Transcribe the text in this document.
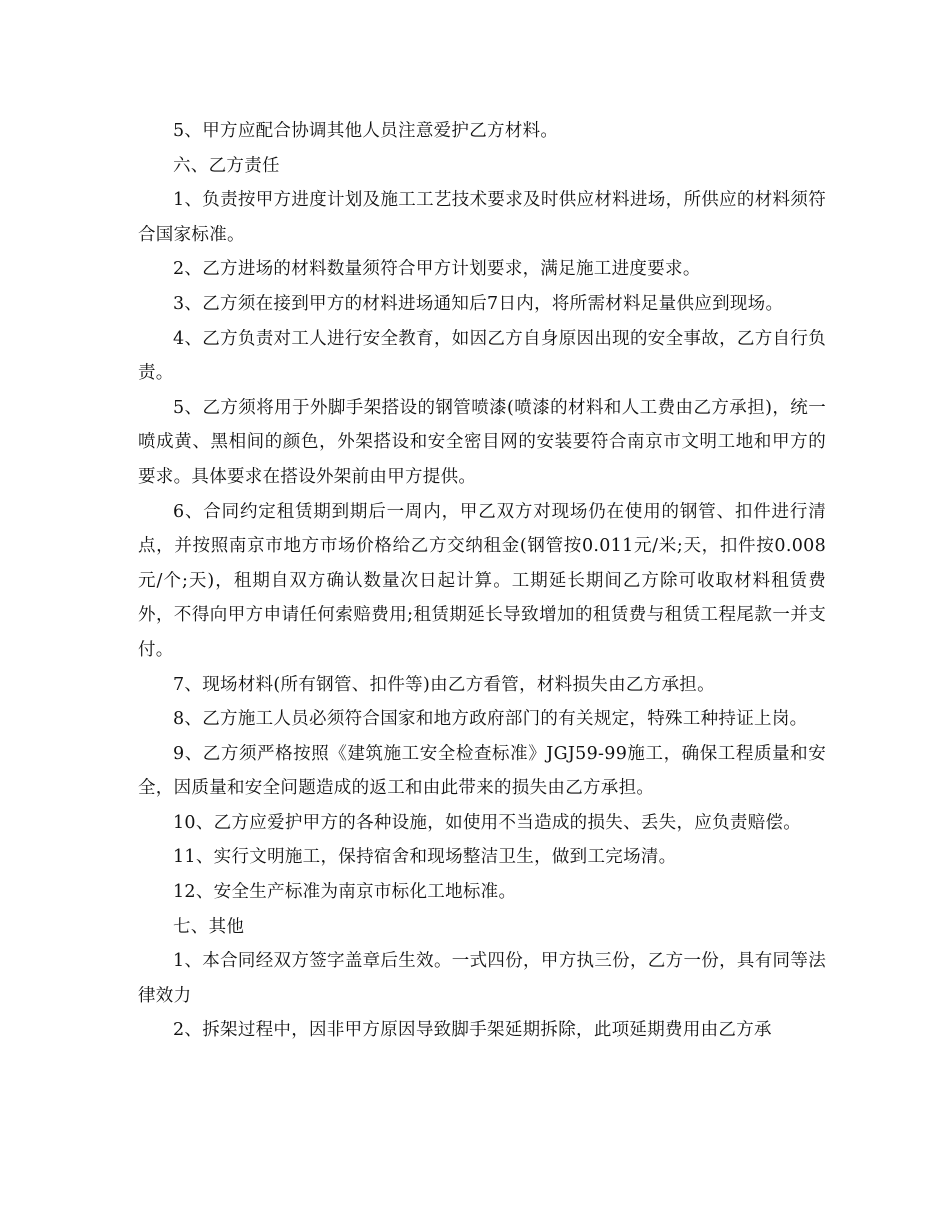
5、甲方应配合协调其他人员注意爱护乙方材料。

六、乙方责任

1、负责按甲方进度计划及施工工艺技术要求及时供应材料进场，所供应的材料须符合国家标准。

2、乙方进场的材料数量须符合甲方计划要求，满足施工进度要求。

3、乙方须在接到甲方的材料进场通知后7日内，将所需材料足量供应到现场。

4、乙方负责对工人进行安全教育，如因乙方自身原因出现的安全事故，乙方自行负责。

5、乙方须将用于外脚手架搭设的钢管喷漆(喷漆的材料和人工费由乙方承担)，统一喷成黄、黑相间的颜色，外架搭设和安全密目网的安装要符合南京市文明工地和甲方的要求。具体要求在搭设外架前由甲方提供。

6、合同约定租赁期到期后一周内，甲乙双方对现场仍在使用的钢管、扣件进行清点，并按照南京市地方市场价格给乙方交纳租金(钢管按0.011元/米;天，扣件按0.008元/个;天)，租期自双方确认数量次日起计算。工期延长期间乙方除可收取材料租赁费外，不得向甲方申请任何索赔费用;租赁期延长导致增加的租赁费与租赁工程尾款一并支付。

7、现场材料(所有钢管、扣件等)由乙方看管，材料损失由乙方承担。

8、乙方施工人员必须符合国家和地方政府部门的有关规定，特殊工种持证上岗。

9、乙方须严格按照《建筑施工安全检查标准》JGJ59-99施工，确保工程质量和安全，因质量和安全问题造成的返工和由此带来的损失由乙方承担。

10、乙方应爱护甲方的各种设施，如使用不当造成的损失、丢失，应负责赔偿。

11、实行文明施工，保持宿舍和现场整洁卫生，做到工完场清。

12、安全生产标准为南京市标化工地标准。

七、其他

1、本合同经双方签字盖章后生效。一式四份，甲方执三份，乙方一份，具有同等法律效力

2、拆架过程中，因非甲方原因导致脚手架延期拆除，此项延期费用由乙方承
